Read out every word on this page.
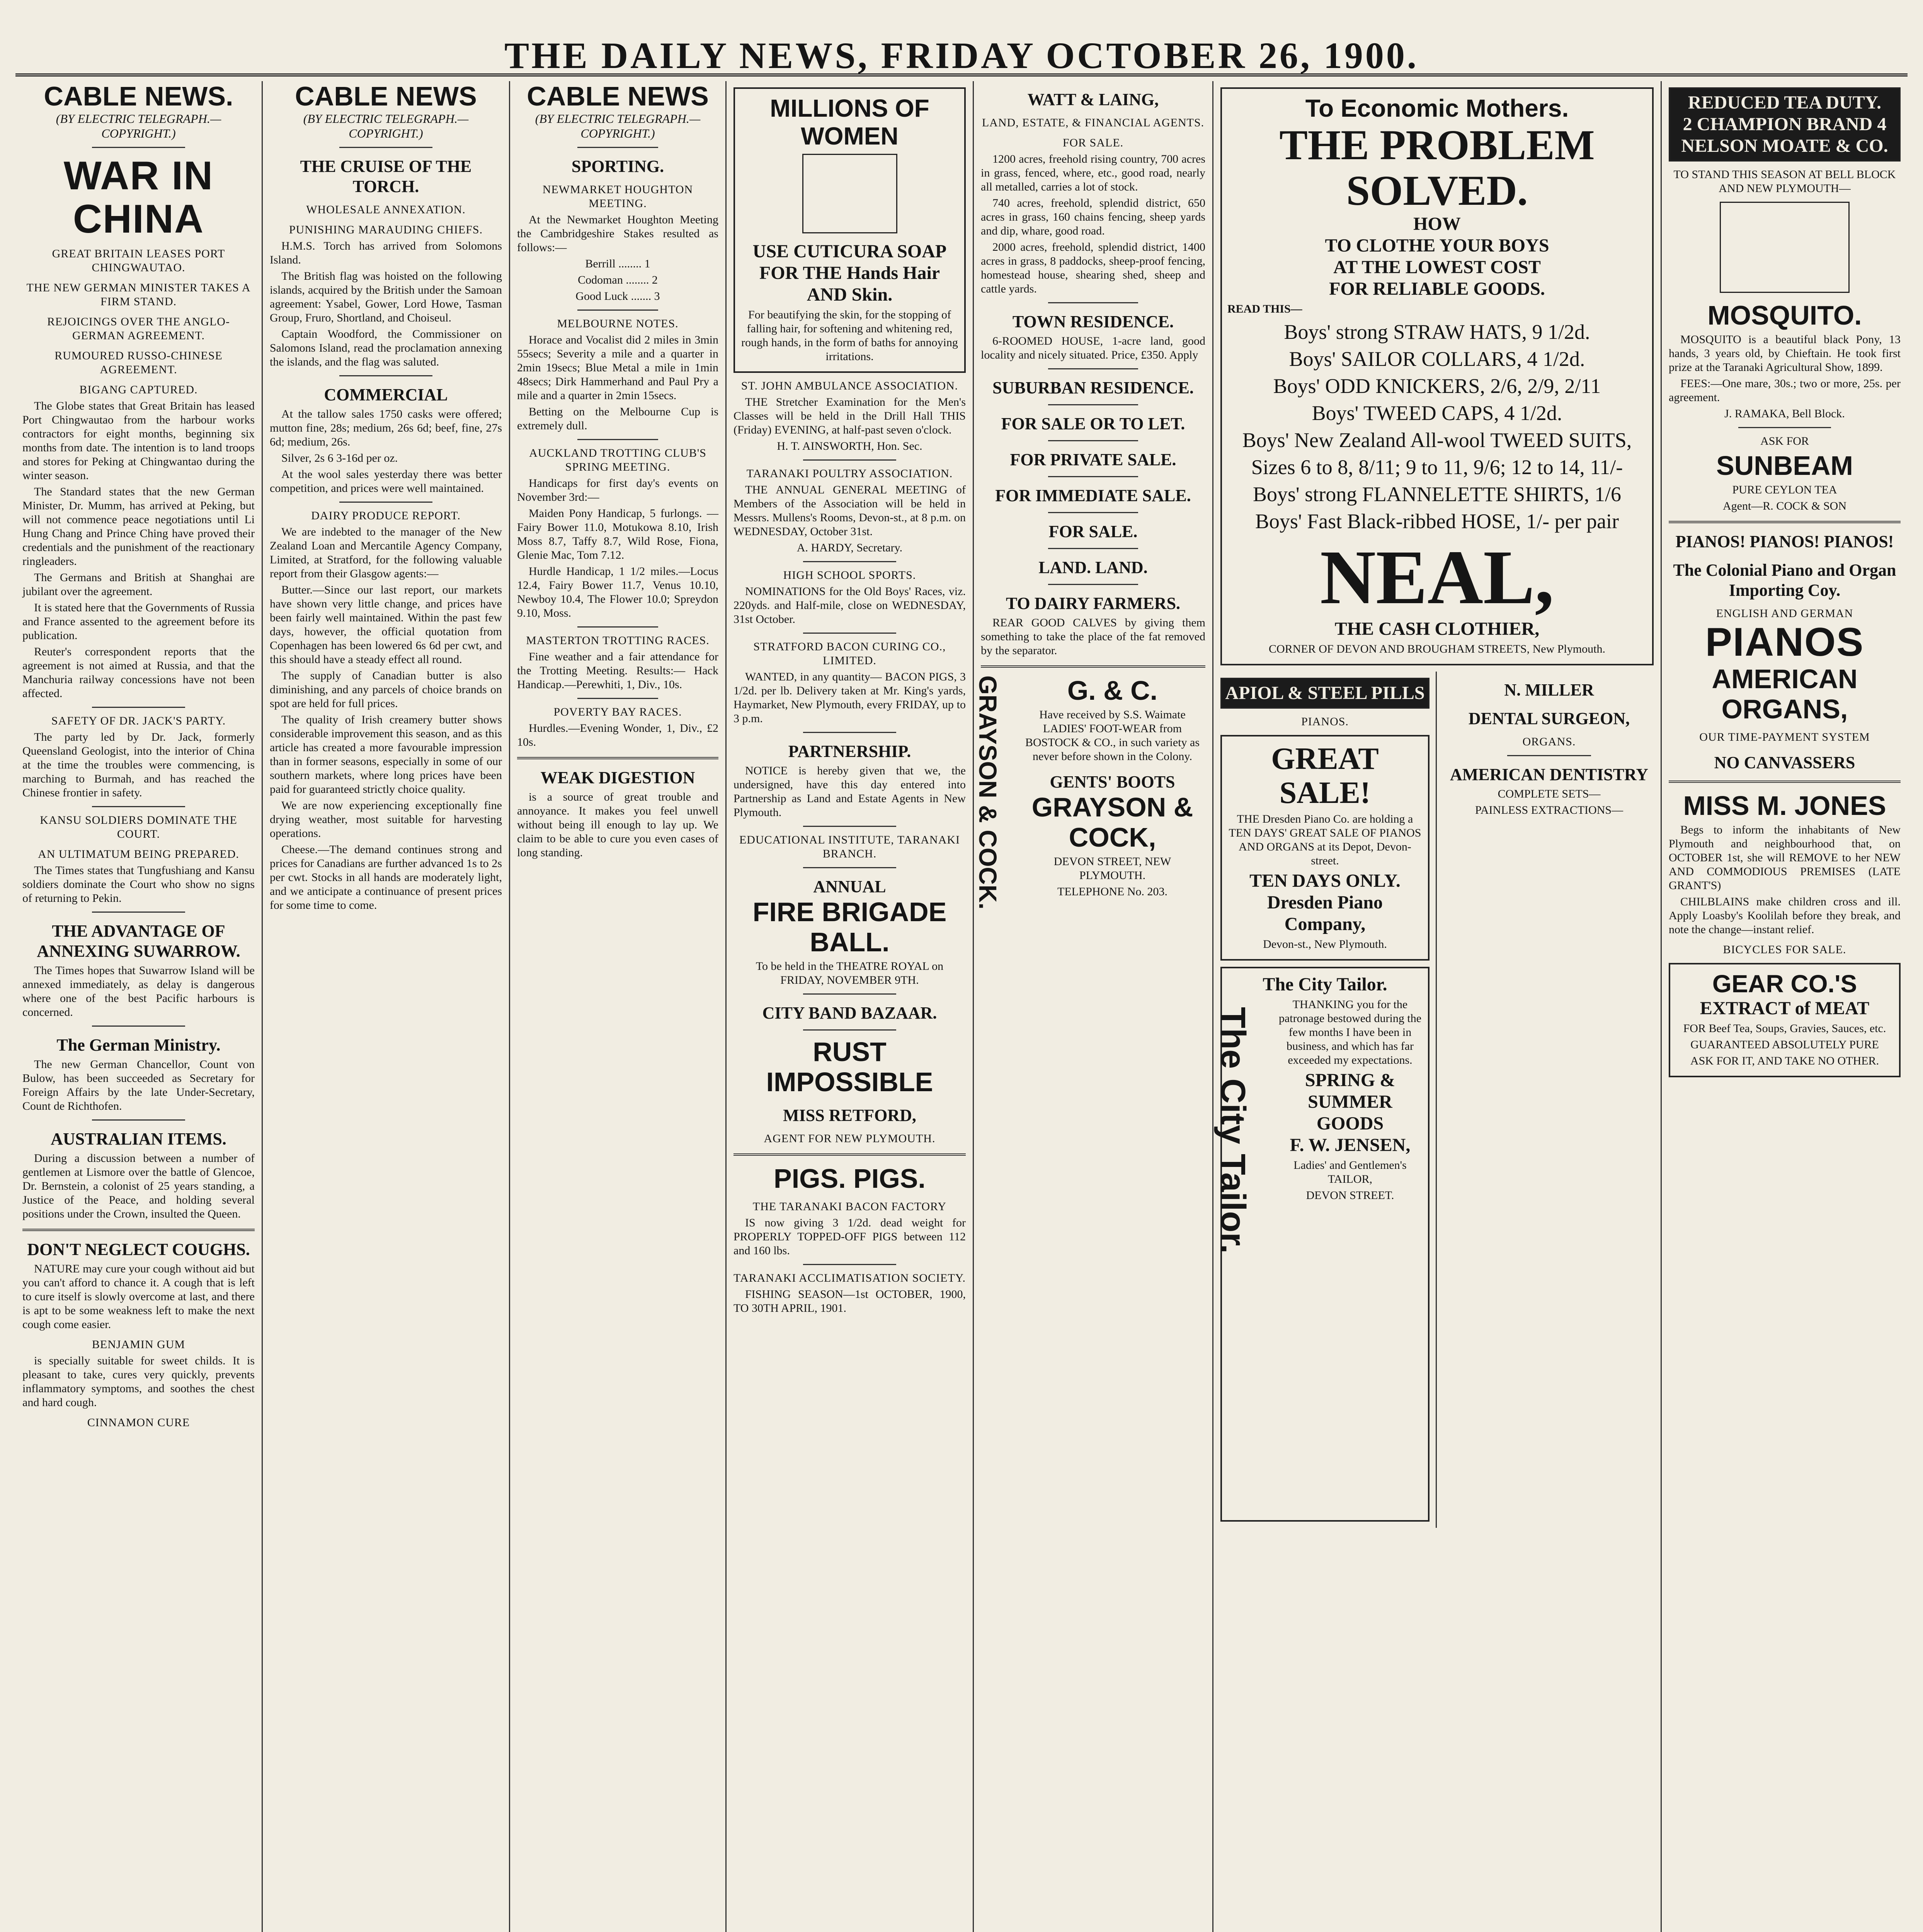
THE DAILY NEWS, FRIDAY OCTOBER 26, 1900.
CABLE NEWS.
(BY ELECTRIC TELEGRAPH.—COPYRIGHT.)
WAR IN CHINA
GREAT BRITAIN LEASES PORT CHINGWAUTAO.
THE NEW GERMAN MINISTER TAKES A FIRM STAND.
REJOICINGS OVER THE ANGLO-GERMAN AGREEMENT.
RUMOURED RUSSO-CHINESE AGREEMENT.
BIGANG CAPTURED.

The Globe states that Great Britain has leased Port Chingwautao from the harbour works contractors for eight months, beginning six months from date. The intention is to land troops and stores for Peking at Chingwantao during the winter season.

The Standard states that the new German Minister, Dr. Mumm, has arrived at Peking, but will not commence peace negotiations until Li Hung Chang and Prince Ching have proved their credentials and the punishment of the reactionary ringleaders.

The Germans and British at Shanghai are jubilant over the agreement.

It is stated here that the Governments of Russia and France assented to the agreement before its publication.

Reuter's correspondent reports that the agreement is not aimed at Russia, and that the Manchuria railway concessions have not been affected.

SAFETY OF DR. JACK'S PARTY.

The party led by Dr. Jack, formerly Queensland Geologist, into the interior of China at the time the troubles were commencing, is marching to Burmah, and has reached the Chinese frontier in safety.

KANSU SOLDIERS DOMINATE THE COURT.
AN ULTIMATUM BEING PREPARED.

The Times states that Tungfushiang and Kansu soldiers dominate the Court who show no signs of returning to Pekin.

THE ADVANTAGE OF ANNEXING SUWARROW.

The Times hopes that Suwarrow Island will be annexed immediately, as delay is dangerous where one of the best Pacific harbours is concerned.

The German Ministry.

The new German Chancellor, Count von Bulow, has been succeeded as Secretary for Foreign Affairs by the late Under-Secretary, Count de Richthofen.

AUSTRALIAN ITEMS.

During a discussion between a number of gentlemen at Lismore over the battle of Glencoe, Dr. Bernstein, a colonist of 25 years standing, a Justice of the Peace, and holding several positions under the Crown, insulted the Queen.

DON'T NEGLECT COUGHS.

NATURE may cure your cough without aid but you can't afford to chance it. A cough that is left to cure itself is slowly overcome at last, and there is apt to be some weakness left to make the next cough come easier.

BENJAMIN GUM

is specially suitable for sweet childs. It is pleasant to take, cures very quickly, prevents inflammatory symptoms, and soothes the chest and hard cough.

CINNAMON CURE
CABLE NEWS
(BY ELECTRIC TELEGRAPH.—COPYRIGHT.)
THE CRUISE OF THE TORCH.
WHOLESALE ANNEXATION.
PUNISHING MARAUDING CHIEFS.

H.M.S. Torch has arrived from Solomons Island.

The British flag was hoisted on the following islands, acquired by the British under the Samoan agreement: Ysabel, Gower, Lord Howe, Tasman Group, Fruro, Shortland, and Choiseul.

Captain Woodford, the Commissioner on Salomons Island, read the proclamation annexing the islands, and the flag was saluted.

COMMERCIAL

At the tallow sales 1750 casks were offered; mutton fine, 28s; medium, 26s 6d; beef, fine, 27s 6d; medium, 26s.

Silver, 2s 6 3-16d per oz.

At the wool sales yesterday there was better competition, and prices were well maintained.

DAIRY PRODUCE REPORT.

We are indebted to the manager of the New Zealand Loan and Mercantile Agency Company, Limited, at Stratford, for the following valuable report from their Glasgow agents:—

Butter.—Since our last report, our markets have shown very little change, and prices have been fairly well maintained. Within the past few days, however, the official quotation from Copenhagen has been lowered 6s 6d per cwt, and this should have a steady effect all round.

The supply of Canadian butter is also diminishing, and any parcels of choice brands on spot are held for full prices.

The quality of Irish creamery butter shows considerable improvement this season, and as this article has created a more favourable impression than in former seasons, especially in some of our southern markets, where long prices have been paid for guaranteed strictly choice quality.

We are now experiencing exceptionally fine drying weather, most suitable for harvesting operations.

Cheese.—The demand continues strong and prices for Canadians are further advanced 1s to 2s per cwt. Stocks in all hands are moderately light, and we anticipate a continuance of present prices for some time to come.

CABLE NEWS
(BY ELECTRIC TELEGRAPH.—COPYRIGHT.)
SPORTING.
NEWMARKET HOUGHTON MEETING.

At the Newmarket Houghton Meeting the Cambridgeshire Stakes resulted as follows:—

Berrill ........ 1

Codoman ........ 2

Good Luck ....... 3

MELBOURNE NOTES.

Horace and Vocalist did 2 miles in 3min 55secs; Severity a mile and a quarter in 2min 19secs; Blue Metal a mile in 1min 48secs; Dirk Hammerhand and Paul Pry a mile and a quarter in 2min 15secs.

Betting on the Melbourne Cup is extremely dull.

AUCKLAND TROTTING CLUB'S SPRING MEETING.

Handicaps for first day's events on November 3rd:—

Maiden Pony Handicap, 5 furlongs. —Fairy Bower 11.0, Motukowa 8.10, Irish Moss 8.7, Taffy 8.7, Wild Rose, Fiona, Glenie Mac, Tom 7.12.

Hurdle Handicap, 1 1/2 miles.—Locus 12.4, Fairy Bower 11.7, Venus 10.10, Newboy 10.4, The Flower 10.0; Spreydon 9.10, Moss.

MASTERTON TROTTING RACES.

Fine weather and a fair attendance for the Trotting Meeting. Results:— Hack Handicap.—Perewhiti, 1, Div., 10s.

POVERTY BAY RACES.

Hurdles.—Evening Wonder, 1, Div., £2 10s.

WEAK DIGESTION

is a source of great trouble and annoyance. It makes you feel unwell without being ill enough to lay up. We claim to be able to cure you even cases of long standing.

MILLIONS OF WOMEN
USE CUTICURA SOAP
FOR THE Hands Hair AND Skin.

For beautifying the skin, for the stopping of falling hair, for softening and whitening red, rough hands, in the form of baths for annoying irritations.

ST. JOHN AMBULANCE ASSOCIATION.

THE Stretcher Examination for the Men's Classes will be held in the Drill Hall THIS (Friday) EVENING, at half-past seven o'clock.

H. T. AINSWORTH, Hon. Sec.

TARANAKI POULTRY ASSOCIATION.

THE ANNUAL GENERAL MEETING of Members of the Association will be held in Messrs. Mullens's Rooms, Devon-st., at 8 p.m. on WEDNESDAY, October 31st.

A. HARDY, Secretary.

HIGH SCHOOL SPORTS.

NOMINATIONS for the Old Boys' Races, viz. 220yds. and Half-mile, close on WEDNESDAY, 31st October.

STRATFORD BACON CURING CO., LIMITED.

WANTED, in any quantity— BACON PIGS, 3 1/2d. per lb. Delivery taken at Mr. King's yards, Haymarket, New Plymouth, every FRIDAY, up to 3 p.m.

PARTNERSHIP.

NOTICE is hereby given that we, the undersigned, have this day entered into Partnership as Land and Estate Agents in New Plymouth.

EDUCATIONAL INSTITUTE, TARANAKI BRANCH.
ANNUAL
FIRE BRIGADE BALL.

To be held in the THEATRE ROYAL on FRIDAY, NOVEMBER 9TH.

CITY BAND BAZAAR.
RUST IMPOSSIBLE
MISS RETFORD,
AGENT FOR NEW PLYMOUTH.
PIGS. PIGS.
THE TARANAKI BACON FACTORY

IS now giving 3 1/2d. dead weight for PROPERLY TOPPED-OFF PIGS between 112 and 160 lbs.

TARANAKI ACCLIMATISATION SOCIETY.

FISHING SEASON—1st OCTOBER, 1900, TO 30TH APRIL, 1901.

WATT & LAING,
LAND, ESTATE, & FINANCIAL AGENTS.
FOR SALE.

1200 acres, freehold rising country, 700 acres in grass, fenced, where, etc., good road, nearly all metalled, carries a lot of stock.

740 acres, freehold, splendid district, 650 acres in grass, 160 chains fencing, sheep yards and dip, whare, good road.

2000 acres, freehold, splendid district, 1400 acres in grass, 8 paddocks, sheep-proof fencing, homestead house, shearing shed, sheep and cattle yards.

TOWN RESIDENCE.

6-ROOMED HOUSE, 1-acre land, good locality and nicely situated. Price, £350. Apply

SUBURBAN RESIDENCE.
FOR SALE OR TO LET.
FOR PRIVATE SALE.
FOR IMMEDIATE SALE.
FOR SALE.
LAND. LAND.
TO DAIRY FARMERS.

REAR GOOD CALVES by giving them something to take the place of the fat removed by the separator.

GRAYSON & COCK.	G. & C.

Have received by S.S. Waimate LADIES' FOOT-WEAR from BOSTOCK & CO., in such variety as never before shown in the Colony.

GENTS' BOOTS
GRAYSON & COCK,

DEVON STREET, NEW PLYMOUTH.

TELEPHONE No. 203.

To Economic Mothers.
THE PROBLEM SOLVED.
HOW
TO CLOTHE YOUR BOYS
AT THE LOWEST COST
FOR RELIABLE GOODS.

READ THIS—

Boys' strong STRAW HATS, 9 1/2d.
Boys' SAILOR COLLARS, 4 1/2d.
Boys' ODD KNICKERS, 2/6, 2/9, 2/11
Boys' TWEED CAPS, 4 1/2d.
Boys' New Zealand All-wool TWEED SUITS,
Sizes 6 to 8, 8/11; 9 to 11, 9/6; 12 to 14, 11/-
Boys' strong FLANNELETTE SHIRTS, 1/6
Boys' Fast Black-ribbed HOSE, 1/- per pair
NEAL,
THE CASH CLOTHIER,

CORNER OF DEVON AND BROUGHAM STREETS, New Plymouth.

APIOL & STEEL PILLS
PIANOS.
GREAT SALE!

THE Dresden Piano Co. are holding a TEN DAYS' GREAT SALE OF PIANOS AND ORGANS at its Depot, Devon-street.

TEN DAYS ONLY.
Dresden Piano Company,

Devon-st., New Plymouth.

The City Tailor.
The City Tailor.

THANKING you for the patronage bestowed during the few months I have been in business, and which has far exceeded my expectations.

SPRING & SUMMER GOODS
F. W. JENSEN,

Ladies' and Gentlemen's TAILOR,

DEVON STREET.

N. MILLER
DENTAL SURGEON,
ORGANS.
AMERICAN DENTISTRY

COMPLETE SETS—

PAINLESS EXTRACTIONS—

REDUCED TEA DUTY.
2 CHAMPION BRAND 4
NELSON MOATE & CO.

TO STAND THIS SEASON AT BELL BLOCK AND NEW PLYMOUTH—

MOSQUITO.

MOSQUITO is a beautiful black Pony, 13 hands, 3 years old, by Chieftain. He took first prize at the Taranaki Agricultural Show, 1899.

FEES:—One mare, 30s.; two or more, 25s. per agreement.

J. RAMAKA, Bell Block.

ASK FOR

SUNBEAM

PURE CEYLON TEA

Agent—R. COCK & SON

PIANOS! PIANOS! PIANOS!
The Colonial Piano and Organ Importing Coy.
ENGLISH AND GERMAN
PIANOS
AMERICAN ORGANS,
OUR TIME-PAYMENT SYSTEM
NO CANVASSERS
MISS M. JONES

Begs to inform the inhabitants of New Plymouth and neighbourhood that, on OCTOBER 1st, she will REMOVE to her NEW AND COMMODIOUS PREMISES (LATE GRANT'S)

CHILBLAINS make children cross and ill. Apply Loasby's Koolilah before they break, and note the change—instant relief.

BICYCLES FOR SALE.
GEAR CO.'S
EXTRACT of MEAT

FOR Beef Tea, Soups, Gravies, Sauces, etc.

GUARANTEED ABSOLUTELY PURE

ASK FOR IT, AND TAKE NO OTHER.
